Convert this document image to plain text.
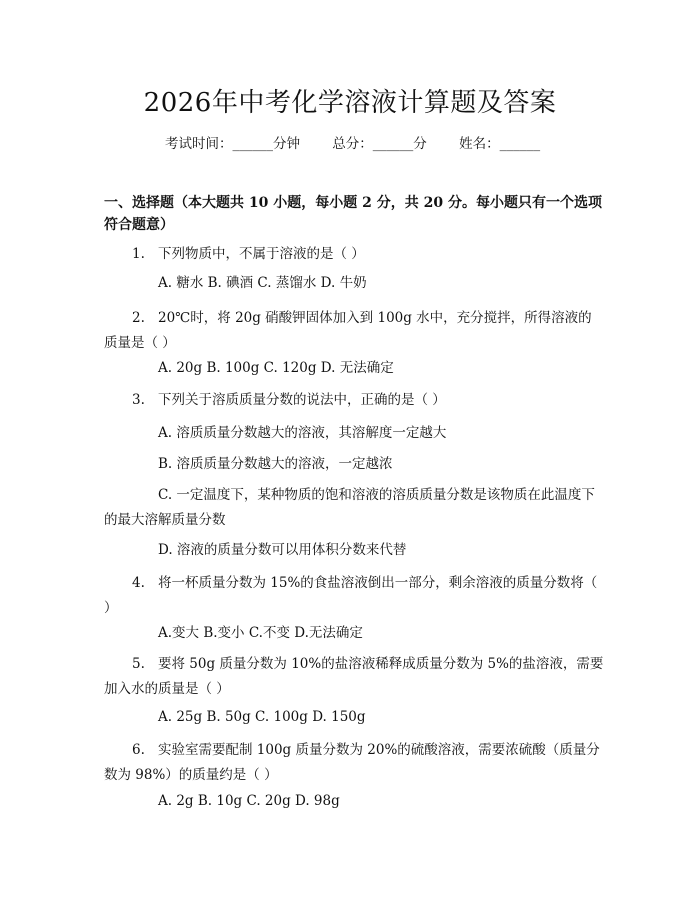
2026年中考化学溶液计算题及答案
考试时间：______分钟 总分：______分 姓名：______
一、选择题（本大题共 10 小题，每小题 2 分，共 20 分。每小题只有一个选项符合题意）
1. 下列物质中，不属于溶液的是（ ）
A. 糖水 B. 碘酒 C. 蒸馏水 D. 牛奶
2. 20℃时，将 20g 硝酸钾固体加入到 100g 水中，充分搅拌，所得溶液的质量是（ ）
A. 20g B. 100g C. 120g D. 无法确定
3. 下列关于溶质质量分数的说法中，正确的是（ ）
A. 溶质质量分数越大的溶液，其溶解度一定越大
B. 溶质质量分数越大的溶液，一定越浓
C. 一定温度下，某种物质的饱和溶液的溶质质量分数是该物质在此温度下的最大溶解质量分数
D. 溶液的质量分数可以用体积分数来代替
4. 将一杯质量分数为 15%的食盐溶液倒出一部分，剩余溶液的质量分数将（ ）
A.变大 B.变小 C.不变 D.无法确定
5. 要将 50g 质量分数为 10%的盐溶液稀释成质量分数为 5%的盐溶液，需要加入水的质量是（ ）
A. 25g B. 50g C. 100g D. 150g
6. 实验室需要配制 100g 质量分数为 20%的硫酸溶液，需要浓硫酸（质量分数为 98%）的质量约是（ ）
A. 2g B. 10g C. 20g D. 98g
